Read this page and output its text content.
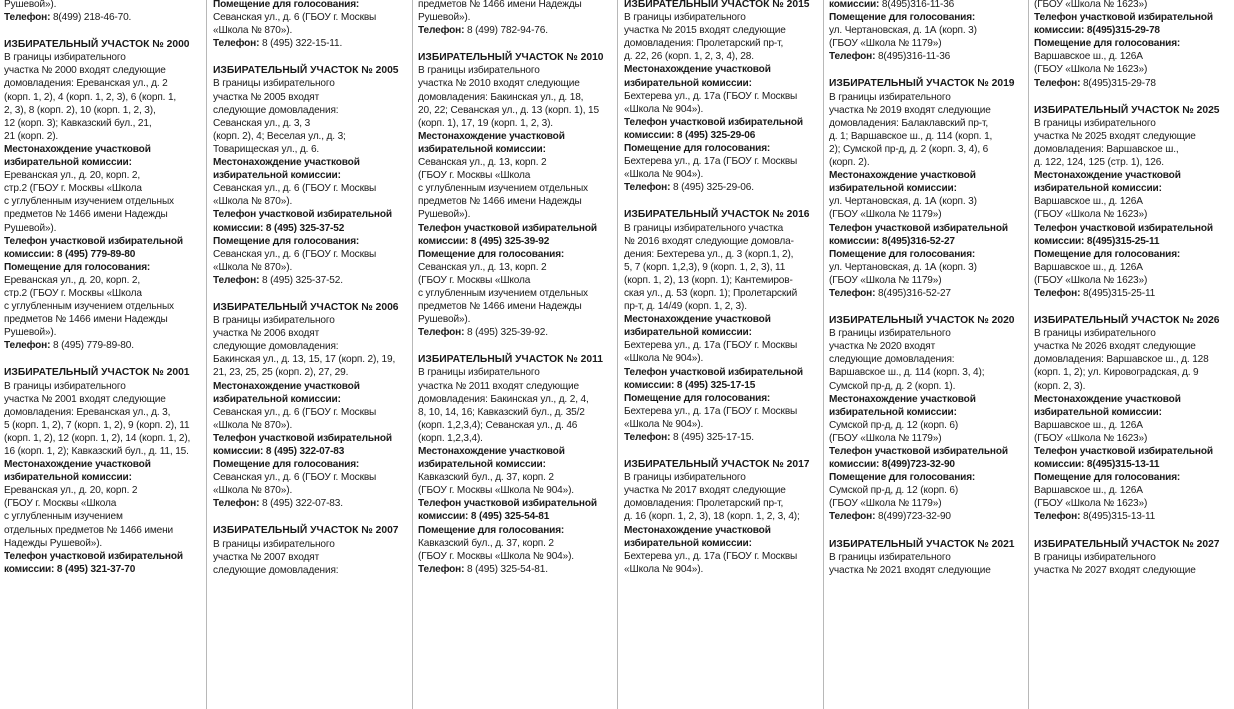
Рушевой»).
Телефон: 8(499) 218-46-70.
ИЗБИРАТЕЛЬНЫЙ УЧАСТОК № 2000
В границы избирательного
участка № 2000 входят следующие
домовладения: Ереванская ул., д. 2
(корп. 1, 2), 4 (корп. 1, 2, 3), 6 (корп. 1,
2, 3), 8 (корп. 2), 10 (корп. 1, 2, 3),
12 (корп. 3); Кавказский бул., 21,
21 (корп. 2).
Местонахождение участковой
избирательной комиссии:
Ереванская ул., д. 20, корп. 2,
стр.2 (ГБОУ г. Москвы «Школа
с углубленным изучением отдельных
предметов № 1466 имени Надежды
Рушевой»).
Телефон участковой избирательной
комиссии: 8 (495) 779-89-80
Помещение для голосования:
Ереванская ул., д. 20, корп. 2,
стр.2 (ГБОУ г. Москвы «Школа
с углубленным изучением отдельных
предметов № 1466 имени Надежды
Рушевой»).
Телефон: 8 (495) 779-89-80.
ИЗБИРАТЕЛЬНЫЙ УЧАСТОК № 2001
В границы избирательного
участка № 2001 входят следующие
домовладения: Ереванская ул., д. 3,
5 (корп. 1, 2), 7 (корп. 1, 2), 9 (корп. 2), 11
(корп. 1, 2), 12 (корп. 1, 2), 14 (корп. 1, 2),
16 (корп. 1, 2); Кавказский бул., д. 11, 15.
Местонахождение участковой
избирательной комиссии:
Ереванская ул., д. 20, корп. 2
(ГБОУ г. Москвы «Школа
с углубленным изучением
отдельных предметов № 1466 имени
Надежды Рушевой»).
Телефон участковой избирательной
комиссии: 8 (495) 321-37-70
Помещение для голосования:
Севанская ул., д. 6 (ГБОУ г. Москвы
«Школа № 870»).
Телефон: 8 (495) 322-15-11.
ИЗБИРАТЕЛЬНЫЙ УЧАСТОК № 2005
В границы избирательного
участка № 2005 входят
следующие домовладения:
Севанская ул., д. 3, 3
(корп. 2), 4; Веселая ул., д. 3;
Товарищеская ул., д. 6.
Местонахождение участковой
избирательной комиссии:
Севанская ул., д. 6 (ГБОУ г. Москвы
«Школа № 870»).
Телефон участковой избирательной
комиссии: 8 (495) 325-37-52
Помещение для голосования:
Севанская ул., д. 6 (ГБОУ г. Москвы
«Школа № 870»).
Телефон: 8 (495) 325-37-52.
ИЗБИРАТЕЛЬНЫЙ УЧАСТОК № 2006
В границы избирательного
участка № 2006 входят
следующие домовладения:
Бакинская ул., д. 13, 15, 17 (корп. 2), 19,
21, 23, 25, 25 (корп. 2), 27, 29.
Местонахождение участковой
избирательной комиссии:
Севанская ул., д. 6 (ГБОУ г. Москвы
«Школа № 870»).
Телефон участковой избирательной
комиссии: 8 (495) 322-07-83
Помещение для голосования:
Севанская ул., д. 6 (ГБОУ г. Москвы
«Школа № 870»).
Телефон: 8 (495) 322-07-83.
ИЗБИРАТЕЛЬНЫЙ УЧАСТОК № 2007
В границы избирательного
участка № 2007 входят
следующие домовладения:
предметов № 1466 имени Надежды
Рушевой»).
Телефон: 8 (499) 782-94-76.
ИЗБИРАТЕЛЬНЫЙ УЧАСТОК № 2010
В границы избирательного
участка № 2010 входят следующие
домовладения: Бакинская ул., д. 18,
20, 22; Севанская ул., д. 13 (корп. 1), 15
(корп. 1), 17, 19 (корп. 1, 2, 3).
Местонахождение участковой
избирательной комиссии:
Севанская ул., д. 13, корп. 2
(ГБОУ г. Москвы «Школа
с углубленным изучением отдельных
предметов № 1466 имени Надежды
Рушевой»).
Телефон участковой избирательной
комиссии: 8 (495) 325-39-92
Помещение для голосования:
Севанская ул., д. 13, корп. 2
(ГБОУ г. Москвы «Школа
с углубленным изучением отдельных
предметов № 1466 имени Надежды
Рушевой»).
Телефон: 8 (495) 325-39-92.
ИЗБИРАТЕЛЬНЫЙ УЧАСТОК № 2011
В границы избирательного
участка № 2011 входят следующие
домовладения: Бакинская ул., д. 2, 4,
8, 10, 14, 16; Кавказский бул., д. 35/2
(корп. 1,2,3,4); Севанская ул., д. 46
(корп. 1,2,3,4).
Местонахождение участковой
избирательной комиссии:
Кавказский бул., д. 37, корп. 2
(ГБОУ г. Москвы «Школа № 904»).
Телефон участковой избирательной
комиссии: 8 (495) 325-54-81
Помещение для голосования:
Кавказский бул., д. 37, корп. 2
(ГБОУ г. Москвы «Школа № 904»).
Телефон: 8 (495) 325-54-81.
ИЗБИРАТЕЛЬНЫЙ УЧАСТОК № 2015
В границы избирательного
участка № 2015 входят следующие
домовладения: Пролетарский пр-т,
д. 22, 26 (корп. 1, 2, 3, 4), 28.
Местонахождение участковой
избирательной комиссии:
Бехтерева ул., д. 17а (ГБОУ г. Москвы
«Школа № 904»).
Телефон участковой избирательной
комиссии: 8 (495) 325-29-06
Помещение для голосования:
Бехтерева ул., д. 17а (ГБОУ г. Москвы
«Школа № 904»).
Телефон: 8 (495) 325-29-06.
ИЗБИРАТЕЛЬНЫЙ УЧАСТОК № 2016
В границы избирательного участка
№ 2016 входят следующие домовла-
дения: Бехтерева ул., д. 3 (корп.1, 2),
5, 7 (корп. 1,2,3), 9 (корп. 1, 2, 3), 11
(корп. 1, 2), 13 (корп. 1); Кантемиров-
ская ул., д. 53 (корп. 1); Пролетарский
пр-т, д. 14/49 (корп. 1, 2, 3).
Местонахождение участковой
избирательной комиссии:
Бехтерева ул., д. 17а (ГБОУ г. Москвы
«Школа № 904»).
Телефон участковой избирательной
комиссии: 8 (495) 325-17-15
Помещение для голосования:
Бехтерева ул., д. 17а (ГБОУ г. Москвы
«Школа № 904»).
Телефон: 8 (495) 325-17-15.
ИЗБИРАТЕЛЬНЫЙ УЧАСТОК № 2017
В границы избирательного
участка № 2017 входят следующие
домовладения: Пролетарский пр-т,
д. 16 (корп. 1, 2, 3), 18 (корп. 1, 2, 3, 4);
Местонахождение участковой
избирательной комиссии:
Бехтерева ул., д. 17а (ГБОУ г. Москвы
«Школа № 904»).
комиссии: 8(495)316-11-36
Помещение для голосования:
ул. Чертановская, д. 1А (корп. 3)
(ГБОУ «Школа № 1179»)
Телефон: 8(495)316-11-36
ИЗБИРАТЕЛЬНЫЙ УЧАСТОК № 2019
В границы избирательного
участка № 2019 входят следующие
домовладения: Балаклавский пр-т,
д. 1; Варшавское ш., д. 114 (корп. 1,
2); Сумской пр-д, д. 2 (корп. 3, 4), 6
(корп. 2).
Местонахождение участковой
избирательной комиссии:
ул. Чертановская, д. 1А (корп. 3)
(ГБОУ «Школа № 1179»)
Телефон участковой избирательной
комиссии: 8(495)316-52-27
Помещение для голосования:
ул. Чертановская, д. 1А (корп. 3)
(ГБОУ «Школа № 1179»)
Телефон: 8(495)316-52-27
ИЗБИРАТЕЛЬНЫЙ УЧАСТОК № 2020
В границы избирательного
участка № 2020 входят
следующие домовладения:
Варшавское ш., д. 114 (корп. 3, 4);
Сумской пр-д, д. 2 (корп. 1).
Местонахождение участковой
избирательной комиссии:
Сумской пр-д, д. 12 (корп. 6)
(ГБОУ «Школа № 1179»)
Телефон участковой избирательной
комиссии: 8(499)723-32-90
Помещение для голосования:
Сумской пр-д, д. 12 (корп. 6)
(ГБОУ «Школа № 1179»)
Телефон: 8(499)723-32-90
ИЗБИРАТЕЛЬНЫЙ УЧАСТОК № 2021
В границы избирательного
участка № 2021 входят следующие
(ГБОУ «Школа № 1623»)
Телефон участковой избирательной
комиссии: 8(495)315-29-78
Помещение для голосования:
Варшавское ш., д. 126А
(ГБОУ «Школа № 1623»)
Телефон: 8(495)315-29-78
ИЗБИРАТЕЛЬНЫЙ УЧАСТОК № 2025
В границы избирательного
участка № 2025 входят следующие
домовладения: Варшавское ш.,
д. 122, 124, 125 (стр. 1), 126.
Местонахождение участковой
избирательной комиссии:
Варшавское ш., д. 126А
(ГБОУ «Школа № 1623»)
Телефон участковой избирательной
комиссии: 8(495)315-25-11
Помещение для голосования:
Варшавское ш., д. 126А
(ГБОУ «Школа № 1623»)
Телефон: 8(495)315-25-11
ИЗБИРАТЕЛЬНЫЙ УЧАСТОК № 2026
В границы избирательного
участка № 2026 входят следующие
домовладения: Варшавское ш., д. 128
(корп. 1, 2); ул. Кировоградская, д. 9
(корп. 2, 3).
Местонахождение участковой
избирательной комиссии:
Варшавское ш., д. 126А
(ГБОУ «Школа № 1623»)
Телефон участковой избирательной
комиссии: 8(495)315-13-11
Помещение для голосования:
Варшавское ш., д. 126А
(ГБОУ «Школа № 1623»)
Телефон: 8(495)315-13-11
ИЗБИРАТЕЛЬНЫЙ УЧАСТОК № 2027
В границы избирательного
участка № 2027 входят следующие
